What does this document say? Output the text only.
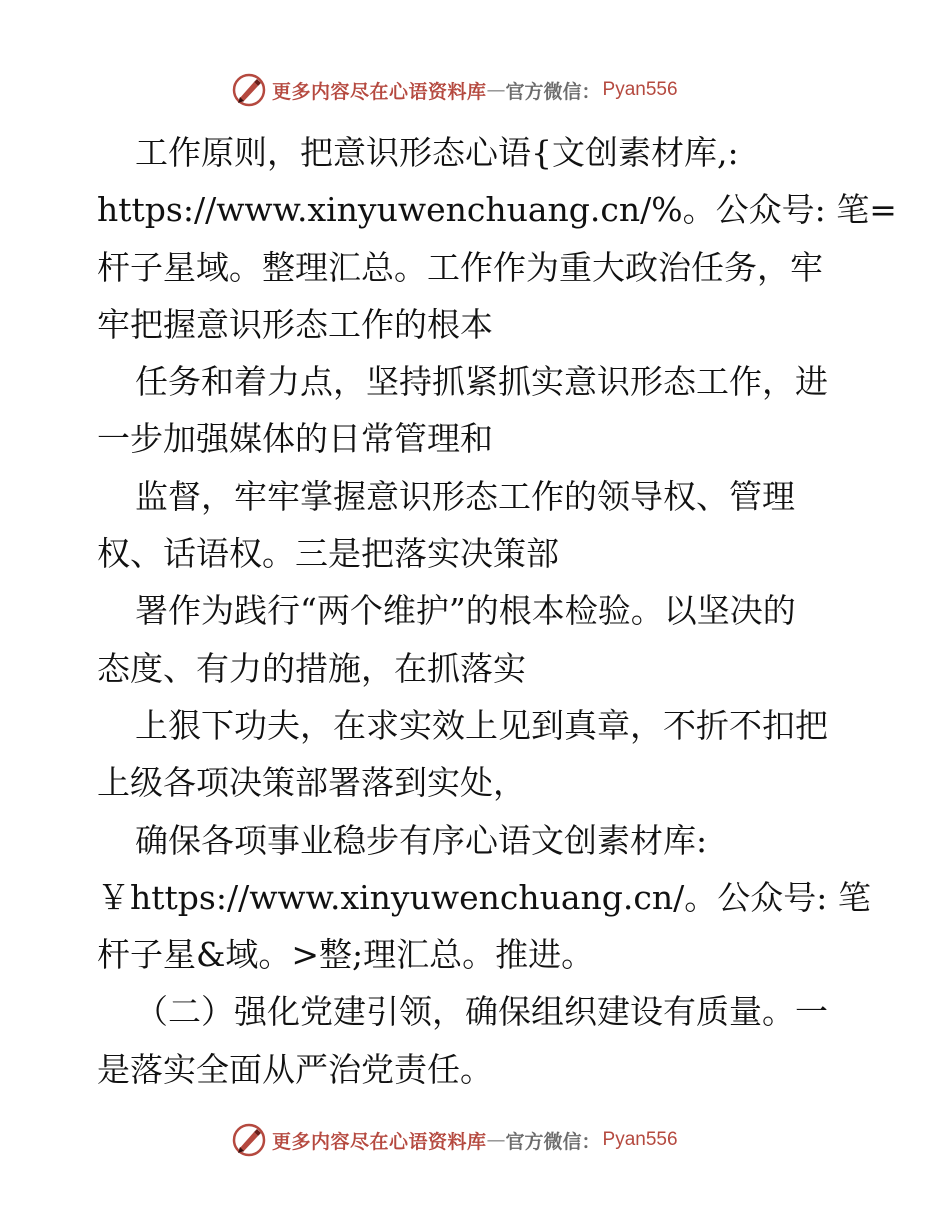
更多内容尽在心语资料库 — 官方微信： Pyan556
工作原则，把意识形态心语{文创素材库,:
https://www.xinyuwenchuang.cn/%。公众号: 笔=
杆子星域。整理汇总。工作作为重大政治任务，牢
牢把握意识形态工作的根本
任务和着力点，坚持抓紧抓实意识形态工作，进
一步加强媒体的日常管理和
监督，牢牢掌握意识形态工作的领导权、管理
权、话语权。三是把落实决策部
署作为践行“两个维护”的根本检验。以坚决的
态度、有力的措施，在抓落实
上狠下功夫，在求实效上见到真章，不折不扣把
上级各项决策部署落到实处，
确保各项事业稳步有序心语文创素材库:
￥https://www.xinyuwenchuang.cn/。公众号: 笔
杆子星&域。>整;理汇总。推进。
（二）强化党建引领，确保组织建设有质量。一
是落实全面从严治党责任。
更多内容尽在心语资料库 — 官方微信： Pyan556
